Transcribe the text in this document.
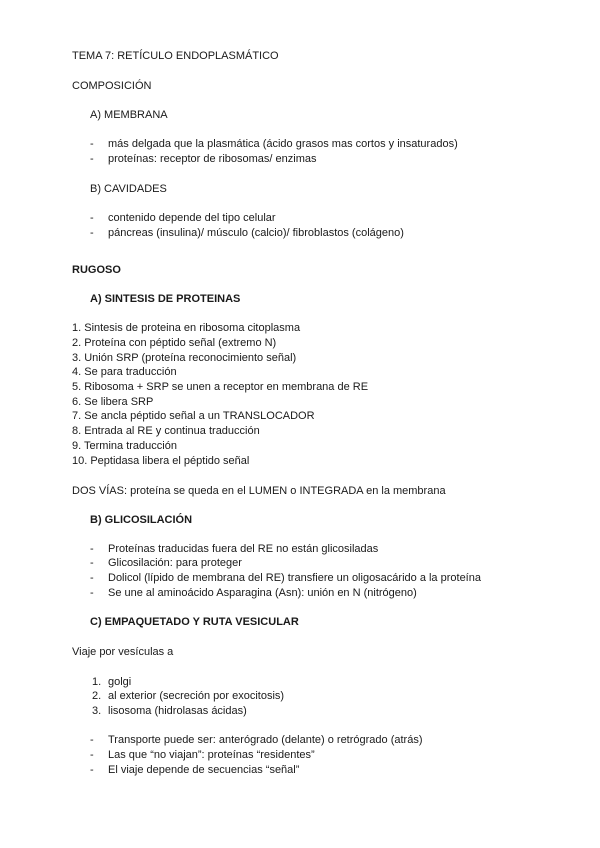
TEMA 7: RETÍCULO ENDOPLASMÁTICO
COMPOSICIÓN
A) MEMBRANA
- más delgada que la plasmática (ácido grasos mas cortos y insaturados)
- proteínas: receptor de ribosomas/ enzimas
B) CAVIDADES
- contenido depende del tipo celular
- páncreas (insulina)/ músculo (calcio)/ fibroblastos (colágeno)
RUGOSO
A) SINTESIS DE PROTEINAS
1. Sintesis de proteina en ribosoma citoplasma
2. Proteína con péptido señal (extremo N)
3. Unión SRP (proteína reconocimiento señal)
4. Se para traducción
5. Ribosoma + SRP se unen a receptor en membrana de RE
6. Se libera SRP
7. Se ancla péptido señal a un TRANSLOCADOR
8. Entrada al RE y continua traducción
9. Termina traducción
10. Peptidasa libera el péptido señal
DOS VÍAS: proteína se queda en el LUMEN o INTEGRADA en la membrana
B) GLICOSILACIÓN
- Proteínas traducidas fuera del RE no están glicosiladas
- Glicosilación: para proteger
- Dolicol (lípido de membrana del RE) transfiere un oligosacárido a la proteína
- Se une al aminoácido Asparagina (Asn): unión en N (nitrógeno)
C) EMPAQUETADO Y RUTA VESICULAR
Viaje por vesículas a
1. golgi
2. al exterior (secreción por exocitosis)
3. lisosoma (hidrolasas ácidas)
- Transporte puede ser: anterógrado (delante) o retrógrado (atrás)
- Las que “no viajan”: proteínas “residentes”
- El viaje depende de secuencias “señal”
